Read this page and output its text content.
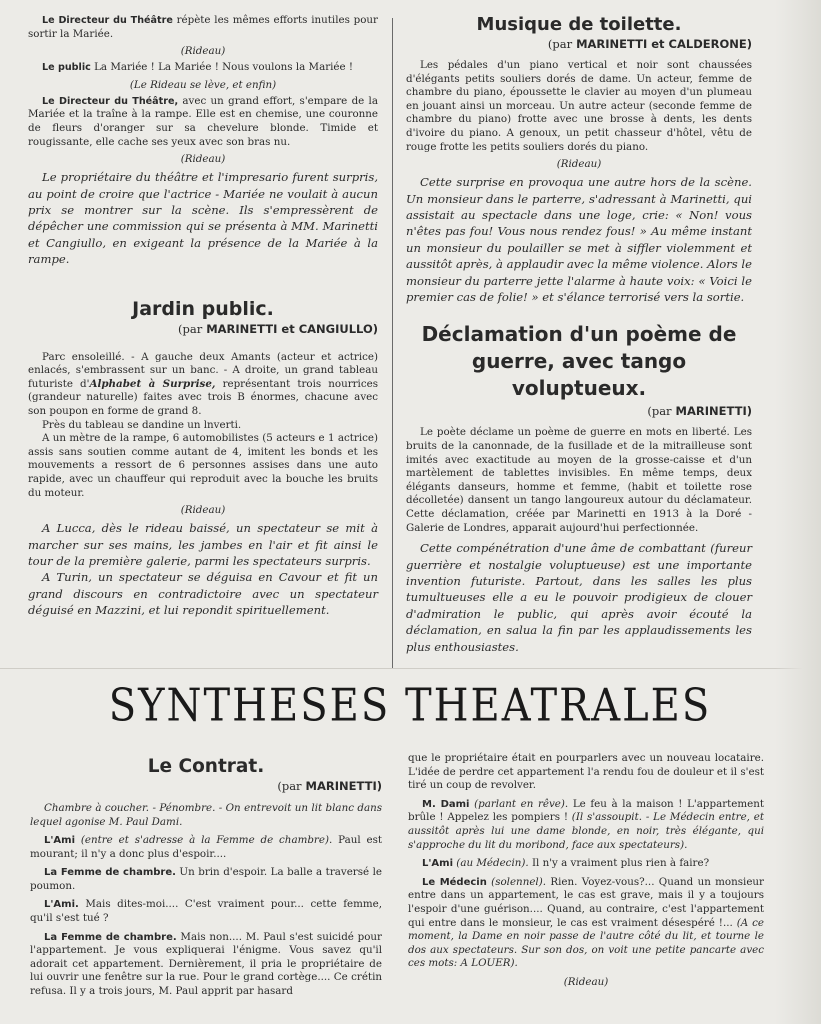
Le Directeur du Théâtre répète les mêmes efforts inutiles pour sortir la Mariée.

(Rideau)

Le public La Mariée ! La Mariée ! Nous voulons la Mariée !

(Le Rideau se lève, et enfin)

Le Directeur du Théâtre, avec un grand effort, s'empare de la Mariée et la traîne à la rampe. Elle est en chemise, une couronne de fleurs d'oranger sur sa chevelure blonde. Timide et rougissante, elle cache ses yeux avec son bras nu.

(Rideau)

Le propriétaire du théâtre et l'impresario furent surpris, au point de croire que l'actrice - Mariée ne voulait à aucun prix se montrer sur la scène. Ils s'empressèrent de dépêcher une commission qui se présenta à MM. Marinetti et Cangiullo, en exigeant la présence de la Mariée à la rampe.

Jardin public.
(par MARINETTI et CANGIULLO)

Parc ensoleillé. - A gauche deux Amants (acteur et actrice) enlacés, s'embrassent sur un banc. - A droite, un grand tableau futuriste d'Alphabet à Surprise, représentant trois nourrices (grandeur naturelle) faites avec trois B énormes, chacune avec son poupon en forme de grand 8.

Près du tableau se dandine un lnverti.

A un mètre de la rampe, 6 automobilistes (5 acteurs e 1 actrice) assis sans soutien comme autant de 4, imitent les bonds et les mouvements a ressort de 6 personnes assises dans une auto rapide, avec un chauffeur qui reproduit avec la bouche les bruits du moteur.

(Rideau)

A Lucca, dès le rideau baissé, un spectateur se mit à marcher sur ses mains, les jambes en l'air et fit ainsi le tour de la première galerie, parmi les spectateurs surpris.

A Turin, un spectateur se déguisa en Cavour et fit un grand discours en contradictoire avec un spectateur déguisé en Mazzini, et lui repondit spirituellement.

Musique de toilette.
(par MARINETTI et CALDERONE)

Les pédales d'un piano vertical et noir sont chaussées d'élégants petits souliers dorés de dame. Un acteur, femme de chambre du piano, époussette le clavier au moyen d'un plumeau en jouant ainsi un morceau. Un autre acteur (seconde femme de chambre du piano) frotte avec une brosse à dents, les dents d'ivoire du piano. A genoux, un petit chasseur d'hôtel, vêtu de rouge frotte les petits souliers dorés du piano.

(Rideau)

Cette surprise en provoqua une autre hors de la scène. Un monsieur dans le parterre, s'adressant à Marinetti, qui assistait au spectacle dans une loge, crie: « Non! vous n'êtes pas fou! Vous nous rendez fous! » Au même instant un monsieur du poulailler se met à siffler violemment et aussitôt après, à applaudir avec la même violence. Alors le monsieur du parterre jette l'alarme à haute voix: « Voici le premier cas de folie! » et s'élance terrorisé vers la sortie.

Déclamation d'un poème de guerre, avec tango voluptueux.
(par MARINETTI)

Le poète déclame un poème de guerre en mots en liberté. Les bruits de la canonnade, de la fusillade et de la mitrailleuse sont imités avec exactitude au moyen de la grosse-caisse et d'un martèlement de tablettes invisibles. En même temps, deux élégants danseurs, homme et femme, (habit et toilette rose décolletée) dansent un tango langoureux autour du déclamateur. Cette déclamation, créée par Marinetti en 1913 à la Doré - Galerie de Londres, apparait aujourd'hui perfectionnée.

Cette compénétration d'une âme de combattant (fureur guerrière et nostalgie voluptueuse) est une importante invention futuriste. Partout, dans les salles les plus tumultueuses elle a eu le pouvoir prodigieux de clouer d'admiration le public, qui après avoir écouté la déclamation, en salua la fin par les applaudissements les plus enthousiastes.

SYNTHESES THEATRALES
Le Contrat.
(par MARINETTI)

Chambre à coucher. - Pénombre. - On entrevoit un lit blanc dans lequel agonise M. Paul Dami.

L'Ami (entre et s'adresse à la Femme de chambre). Paul est mourant; il n'y a donc plus d'espoir....

La Femme de chambre. Un brin d'espoir. La balle a traversé le poumon.

L'Ami. Mais dites-moi.... C'est vraiment pour... cette femme, qu'il s'est tué ?

La Femme de chambre. Mais non.... M. Paul s'est suicidé pour l'appartement. Je vous expliquerai l'énigme. Vous savez qu'il adorait cet appartement. Dernièrement, il pria le propriétaire de lui ouvrir une fenêtre sur la rue. Pour le grand cortège.... Ce crétin refusa. Il y a trois jours, M. Paul apprit par hasard

que le propriétaire était en pourparlers avec un nouveau locataire. L'idée de perdre cet appartement l'a rendu fou de douleur et il s'est tiré un coup de revolver.

M. Dami (parlant en rêve). Le feu à la maison ! L'appartement brûle ! Appelez les pompiers ! (Il s'assoupit. - Le Médecin entre, et aussitôt après lui une dame blonde, en noir, très élégante, qui s'approche du lit du moribond, face aux spectateurs).

L'Ami (au Médecin). Il n'y a vraiment plus rien à faire?

Le Médecin (solennel). Rien. Voyez-vous?... Quand un monsieur entre dans un appartement, le cas est grave, mais il y a toujours l'espoir d'une guérison.... Quand, au contraire, c'est l'appartement qui entre dans le monsieur, le cas est vraiment désespéré !... (A ce moment, la Dame en noir passe de l'autre côté du lit, et tourne le dos aux spectateurs. Sur son dos, on voit une petite pancarte avec ces mots: A LOUER).

(Rideau)
